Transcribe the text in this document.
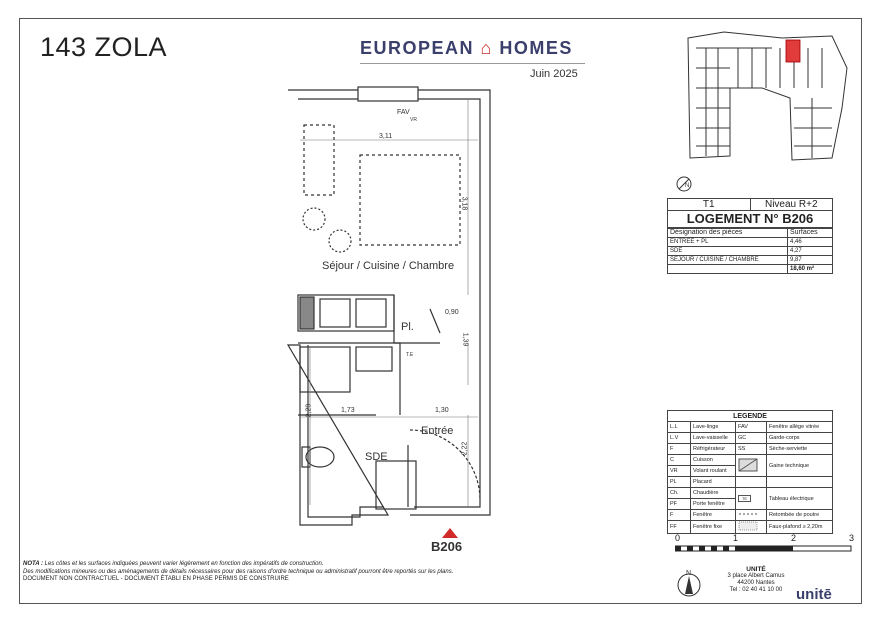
143 ZOLA	EUROPEAN ⌂ HOMES
Juin 2025
N
T1	Niveau R+2
LOGEMENT N° B206
Désignation des pièces	Surfaces
ENTREE + PL	4,46
SDE	4,27
SEJOUR / CUISINE / CHAMBRE	9,87
	18,60 m²
LEGENDE			
L.L	Lave-linge	FAV	Fenêtre allège vitrée
L.V	Lave-vaisselle	GC	Garde-corps
F	Réfrigérateur	SS	Sèche-serviette
C	Cuisson		Gaine technique
VR	Volant roulant		
PL	Placard		
Ch.	Chaudière	TE	Tableau électrique
PF	Porte fenêtre		
F	Fenêtre		Retombée de poutre
FF	Fenêtre fixe		Faux-plafond ≥ 2,20m
0	1	2	3
N
UNITÉ
3 place Albert Camus
44200 Nantes
Tel : 02 40 41 10 00 unitē
NOTA : Les côtes et les surfaces indiquées peuvent varier légèrement en fonction des impératifs de construction.
Des modifications mineures ou des aménagements de détails nécessaires pour des raisons d'ordre technique ou administratif pourront être reportés sur les plans.
DOCUMENT NON CONTRACTUEL - DOCUMENT ÉTABLI EN PHASE PERMIS DE CONSTRUIRE
FAV
VR
3,11
3,18
0,90
1,39
1,73	1,30
2,29
2,22
T.E
Séjour / Cuisine / Chambre
Pl.
Entrée
SDE
B206
